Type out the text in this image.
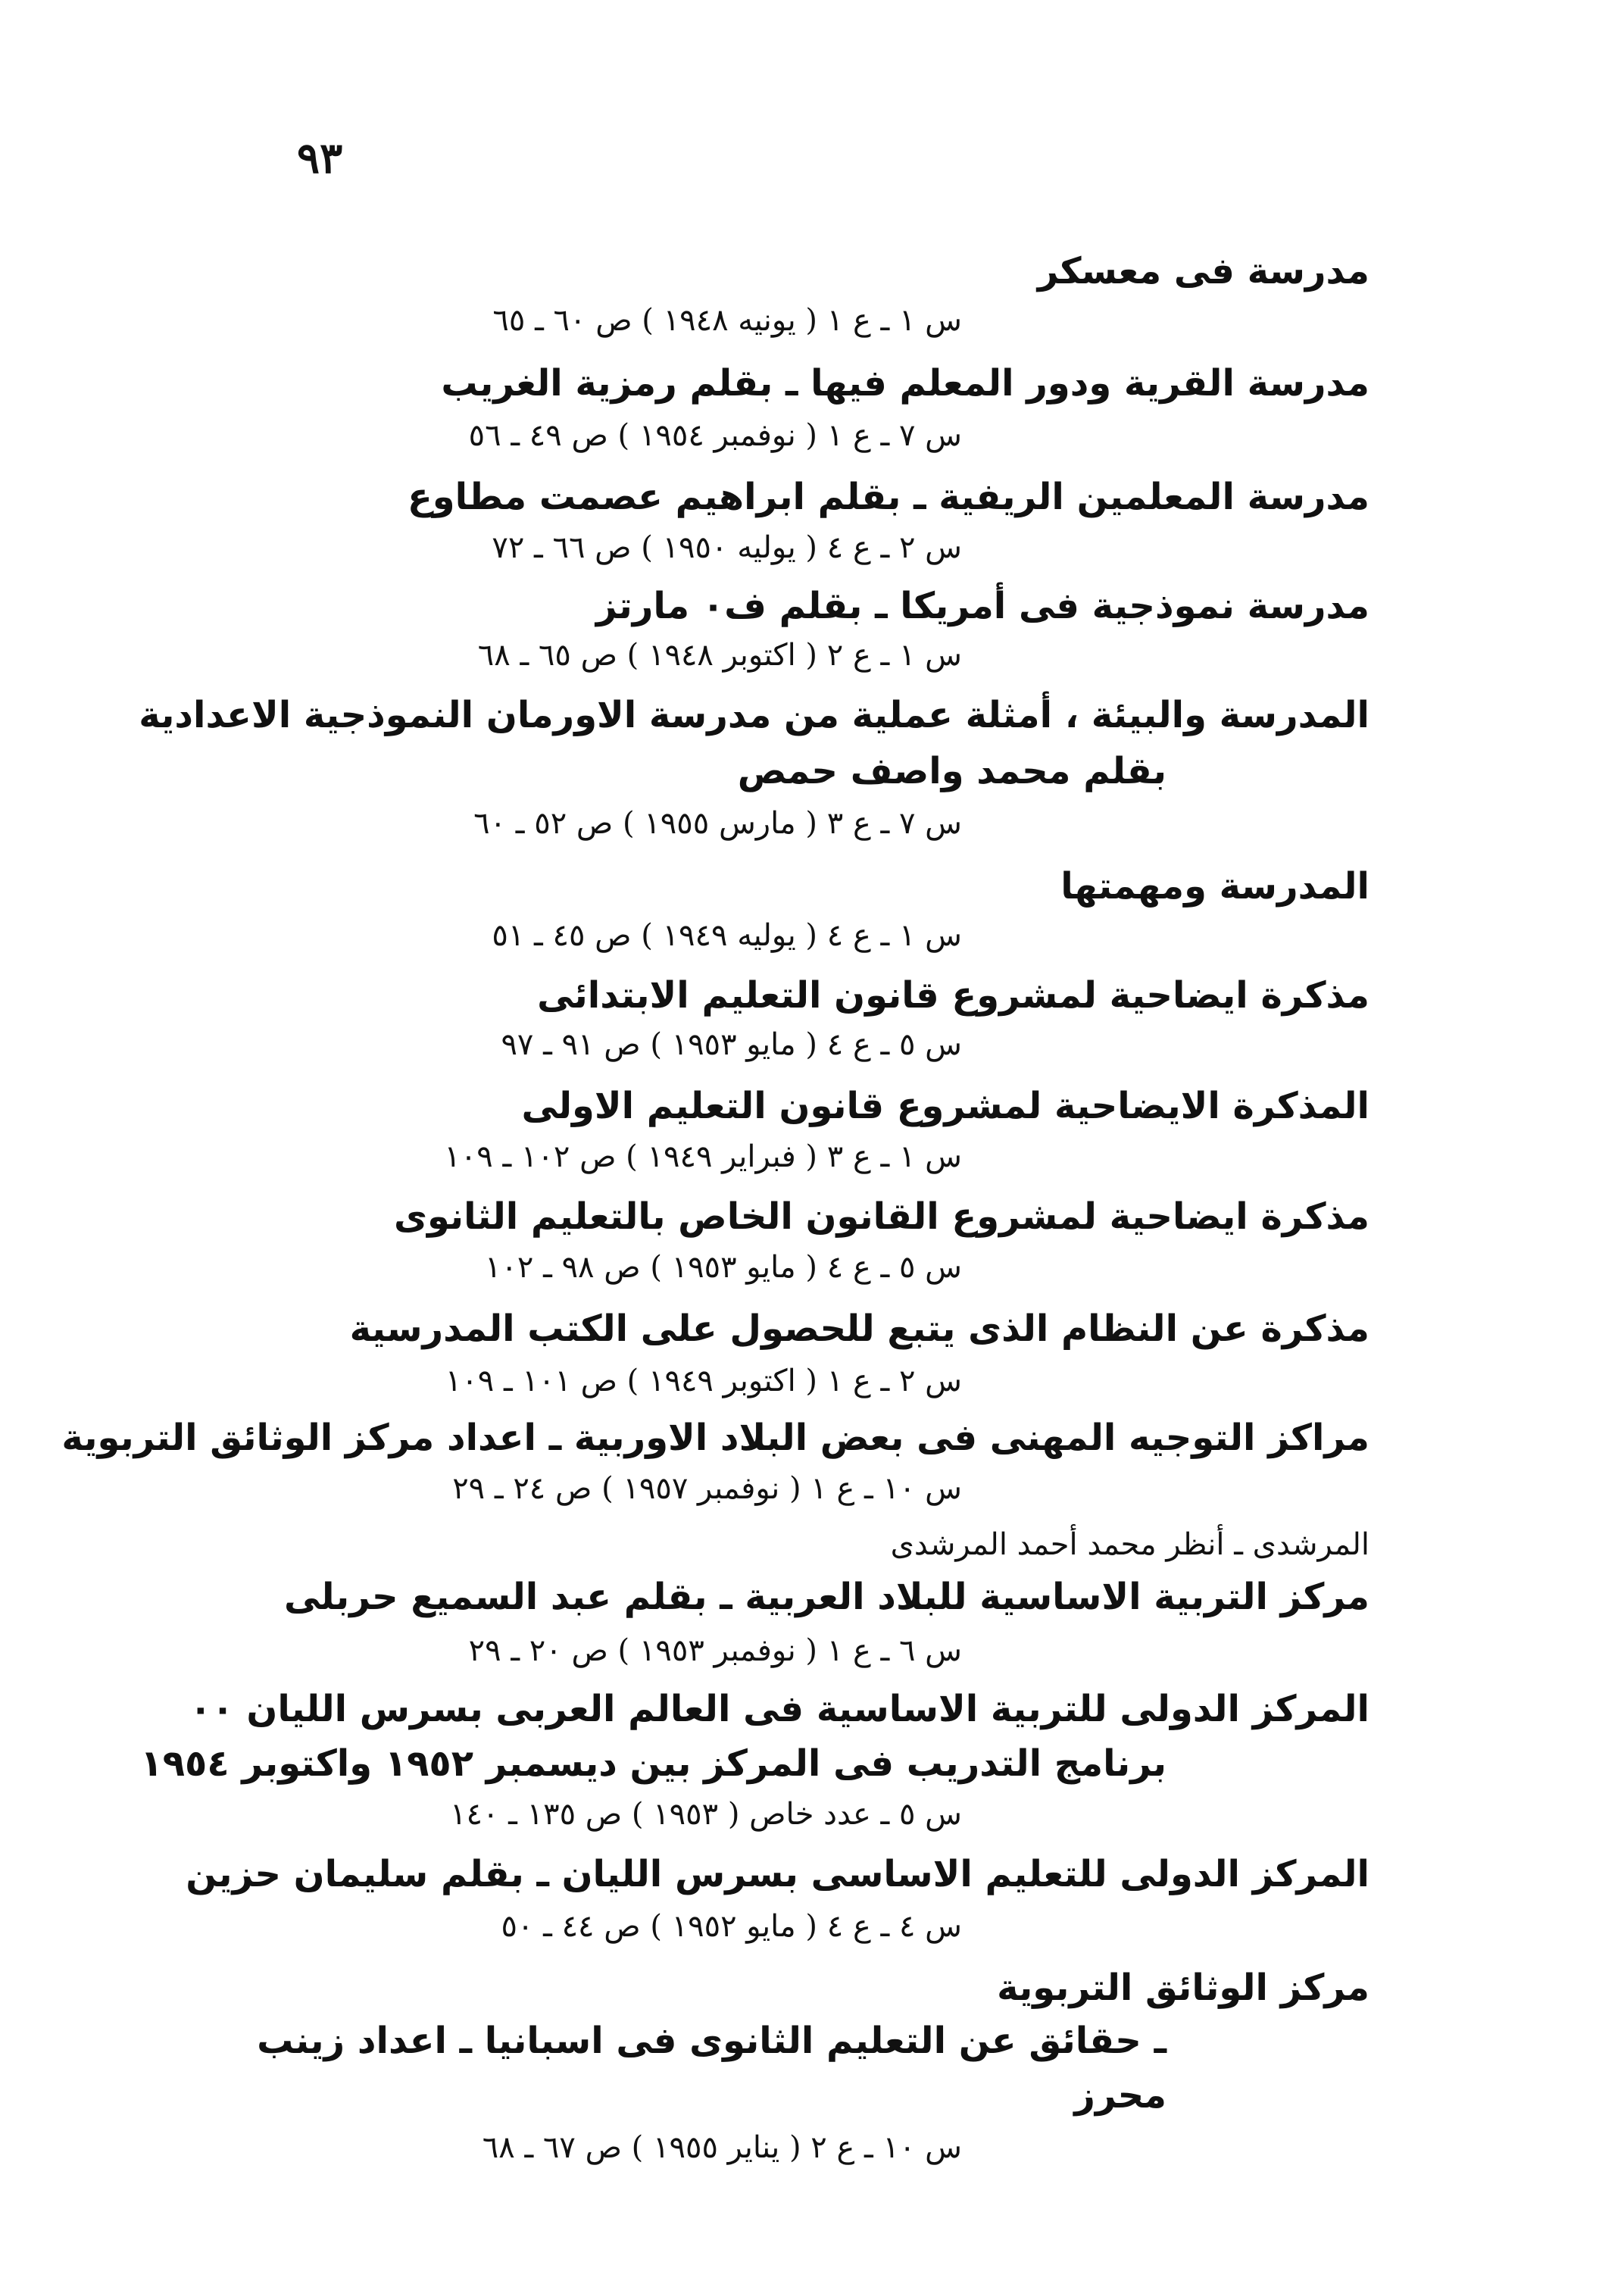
٩٣
مدرسة فى معسكر
س ١ ـ ع ١ ( يونيه ١٩٤٨ ) ص ٦٠ ـ ٦٥
مدرسة القرية ودور المعلم فيها ـ بقلم رمزية الغريب
س ٧ ـ ع ١ ( نوفمبر ١٩٥٤ ) ص ٤٩ ـ ٥٦
مدرسة المعلمين الريفية ـ بقلم ابراهيم عصمت مطاوع
س ٢ ـ ع ٤ ( يوليه ١٩٥٠ ) ص ٦٦ ـ ٧٢
مدرسة نموذجية فى أمريكا ـ بقلم ف٠ مارتز
س ١ ـ ع ٢ ( اكتوبر ١٩٤٨ ) ص ٦٥ ـ ٦٨
المدرسة والبيئة ، أمثلة عملية من مدرسة الاورمان النموذجية الاعدادية
بقلم محمد واصف حمص
س ٧ ـ ع ٣ ( مارس ١٩٥٥ ) ص ٥٢ ـ ٦٠
المدرسة ومهمتها
س ١ ـ ع ٤ ( يوليه ١٩٤٩ ) ص ٤٥ ـ ٥١
مذكرة ايضاحية لمشروع قانون التعليم الابتدائى
س ٥ ـ ع ٤ ( مايو ١٩٥٣ ) ص ٩١ ـ ٩٧
المذكرة الايضاحية لمشروع قانون التعليم الاولى
س ١ ـ ع ٣ ( فبراير ١٩٤٩ ) ص ١٠٢ ـ ١٠٩
مذكرة ايضاحية لمشروع القانون الخاص بالتعليم الثانوى
س ٥ ـ ع ٤ ( مايو ١٩٥٣ ) ص ٩٨ ـ ١٠٢
مذكرة عن النظام الذى يتبع للحصول على الكتب المدرسية
س ٢ ـ ع ١ ( اكتوبر ١٩٤٩ ) ص ١٠١ ـ ١٠٩
مراكز التوجيه المهنى فى بعض البلاد الاوربية ـ اعداد مركز الوثائق التربوية
س ١٠ ـ ع ١ ( نوفمبر ١٩٥٧ ) ص ٢٤ ـ ٢٩
المرشدى ـ أنظر محمد أحمد المرشدى
مركز التربية الاساسية للبلاد العربية ـ بقلم عبد السميع حربلى
س ٦ ـ ع ١ ( نوفمبر ١٩٥٣ ) ص ٢٠ ـ ٢٩
المركز الدولى للتربية الاساسية فى العالم العربى بسرس الليان ٠٠
برنامج التدريب فى المركز بين ديسمبر ١٩٥٢ واكتوبر ١٩٥٤
س ٥ ـ عدد خاص ( ١٩٥٣ ) ص ١٣٥ ـ ١٤٠
المركز الدولى للتعليم الاساسى بسرس الليان ـ بقلم سليمان حزين
س ٤ ـ ع ٤ ( مايو ١٩٥٢ ) ص ٤٤ ـ ٥٠
مركز الوثائق التربوية
ـ حقائق عن التعليم الثانوى فى اسبانيا ـ اعداد زينب
محرز
س ١٠ ـ ع ٢ ( يناير ١٩٥٥ ) ص ٦٧ ـ ٦٨
